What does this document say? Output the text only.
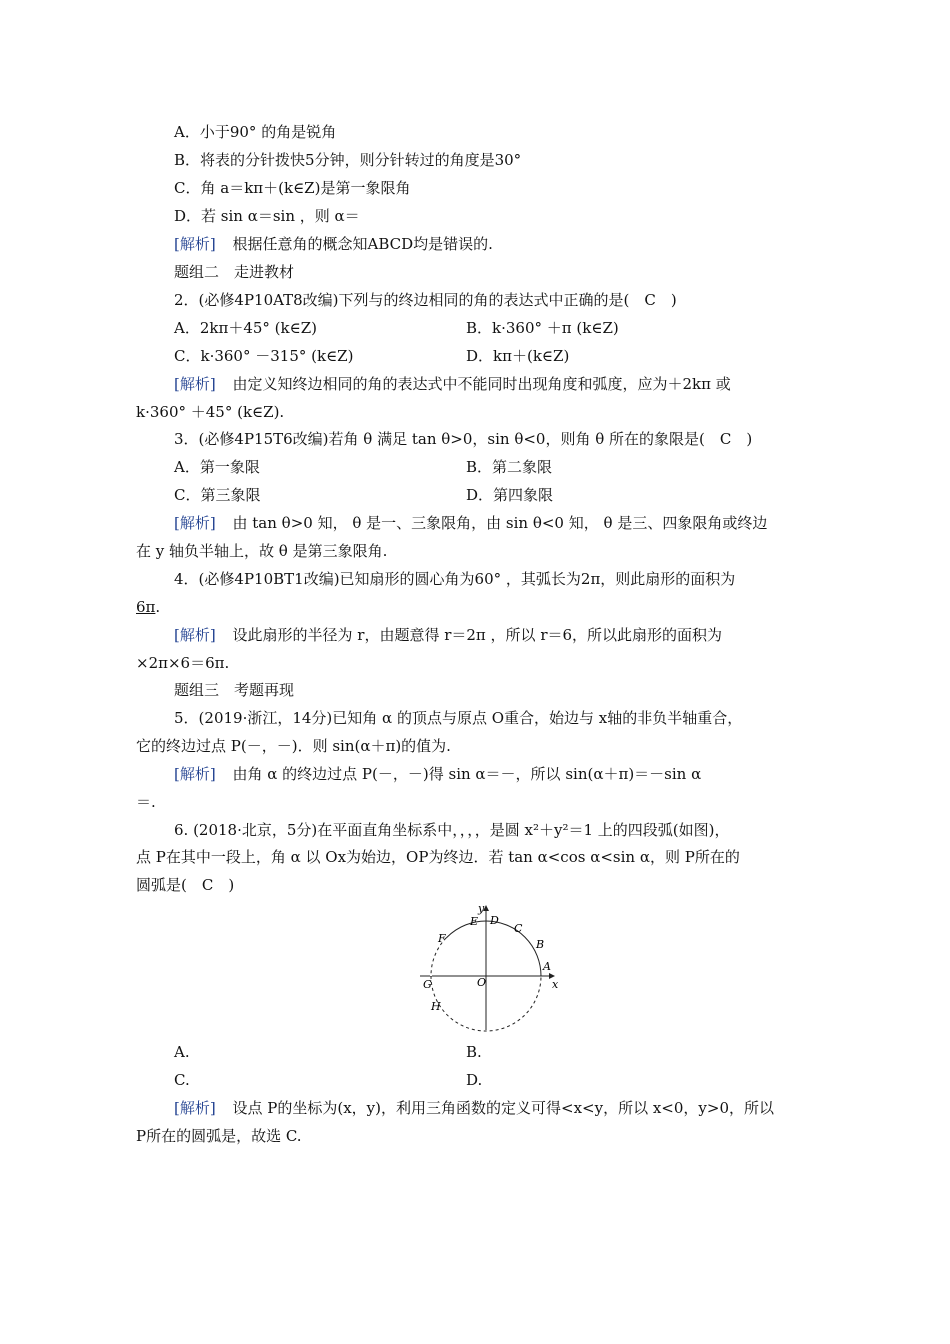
A．小于90° 的角是锐角
B．将表的分针拨快5分钟，则分针转过的角度是30°
C．角 a＝kπ＋(k∈Z)是第一象限角
D．若 sin α＝sin ，则 α＝
[解析] 根据任意角的概念知ABCD均是错误的.
题组二　走进教材
2．(必修4P10AT8改编)下列与的终边相同的角的表达式中正确的是(　C　)
A．2kπ＋45° (k∈Z)	B．k·360° ＋π (k∈Z)
C．k·360° －315° (k∈Z)	D．kπ＋(k∈Z)
[解析] 由定义知终边相同的角的表达式中不能同时出现角度和弧度，应为＋2kπ 或
k·360° ＋45° (k∈Z).
3．(必修4P15T6改编)若角 θ 满足 tan θ>0，sin θ<0，则角 θ 所在的象限是(　C　)
A．第一象限	B．第二象限
C．第三象限	D．第四象限
[解析] 由 tan θ>0 知， θ 是一、三象限角，由 sin θ<0 知， θ 是三、四象限角或终边
在 y 轴负半轴上，故 θ 是第三象限角.
4．(必修4P10BT1改编)已知扇形的圆心角为60° ，其弧长为2π，则此扇形的面积为
6π.
[解析] 设此扇形的半径为 r，由题意得 r＝2π ，所以 r＝6，所以此扇形的面积为
×2π×6＝6π.
题组三　考题再现
5．(2019·浙江，14分)已知角 α 的顶点与原点 O重合，始边与 x轴的非负半轴重合，
它的终边过点 P(－，－)．则 sin(α＋π)的值为.
[解析] 由角 α 的终边过点 P(－，－)得 sin α＝－，所以 sin(α＋π)＝－sin α
＝.
6. (2018·北京，5分)在平面直角坐标系中，，，，是圆 x²＋y²＝1 上的四段弧(如图)，
点 P在其中一段上，角 α 以 Ox为始边，OP为终边．若 tan α<cos α<sin α，则 P所在的
圆弧是(　C　)
y
E D
C
B
A
x
F
G	O
H
A.	B.
C.	D.
[解析] 设点 P的坐标为(x，y)，利用三角函数的定义可得<x<y，所以 x<0，y>0，所以
P所在的圆弧是，故选 C.
